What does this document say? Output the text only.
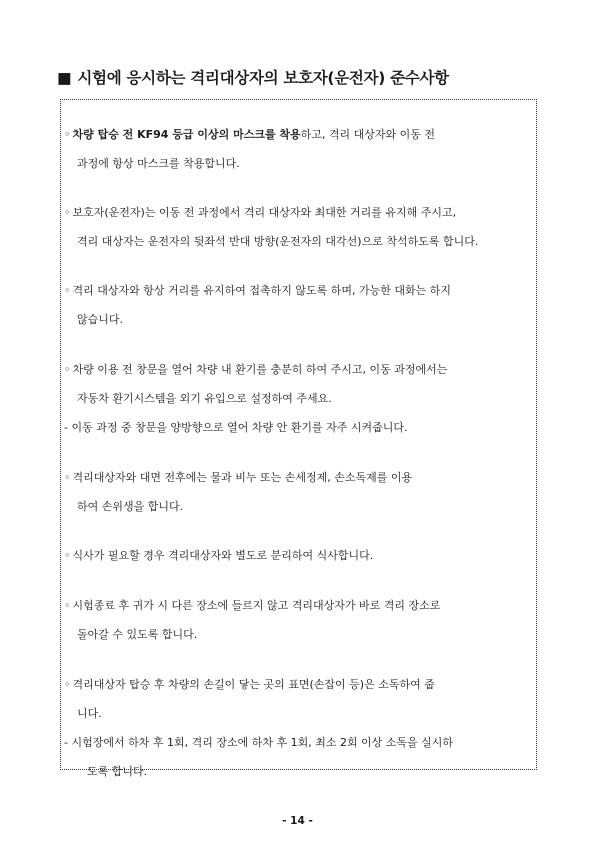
■ 시험에 응시하는 격리대상자의 보호자(운전자) 준수사항

◦ 차량 탑승 전 KF94 등급 이상의 마스크를 착용하고, 격리 대상자와 이동 전

과정에 항상 마스크를 착용합니다.

◦ 보호자(운전자)는 이동 전 과정에서 격리 대상자와 최대한 거리를 유지해 주시고,

격리 대상자는 운전자의 뒷좌석 반대 방향(운전자의 대각선)으로 착석하도록 합니다.

◦ 격리 대상자와 항상 거리를 유지하여 접촉하지 않도록 하며, 가능한 대화는 하지

않습니다.

◦ 차량 이용 전 창문을 열어 차량 내 환기를 충분히 하여 주시고, 이동 과정에서는

자동차 환기시스템을 외기 유입으로 설정하여 주세요.

- 이동 과정 중 창문을 양방향으로 열어 차량 안 환기를 자주 시켜줍니다.

◦ 격리대상자와 대면 전후에는 물과 비누 또는 손세정제, 손소독제를 이용

하여 손위생을 합니다.

◦ 식사가 필요할 경우 격리대상자와 별도로 분리하여 식사합니다.

◦ 시험종료 후 귀가 시 다른 장소에 들르지 않고 격리대상자가 바로 격리 장소로

돌아갈 수 있도록 합니다.

◦ 격리대상자 탑승 후 차량의 손길이 닿는 곳의 표면(손잡이 등)은 소독하여 줍

니다.

- 시험장에서 하차 후 1회, 격리 장소에 하차 후 1회, 최소 2회 이상 소독을 실시하

도록 합니다.

- 14 -
